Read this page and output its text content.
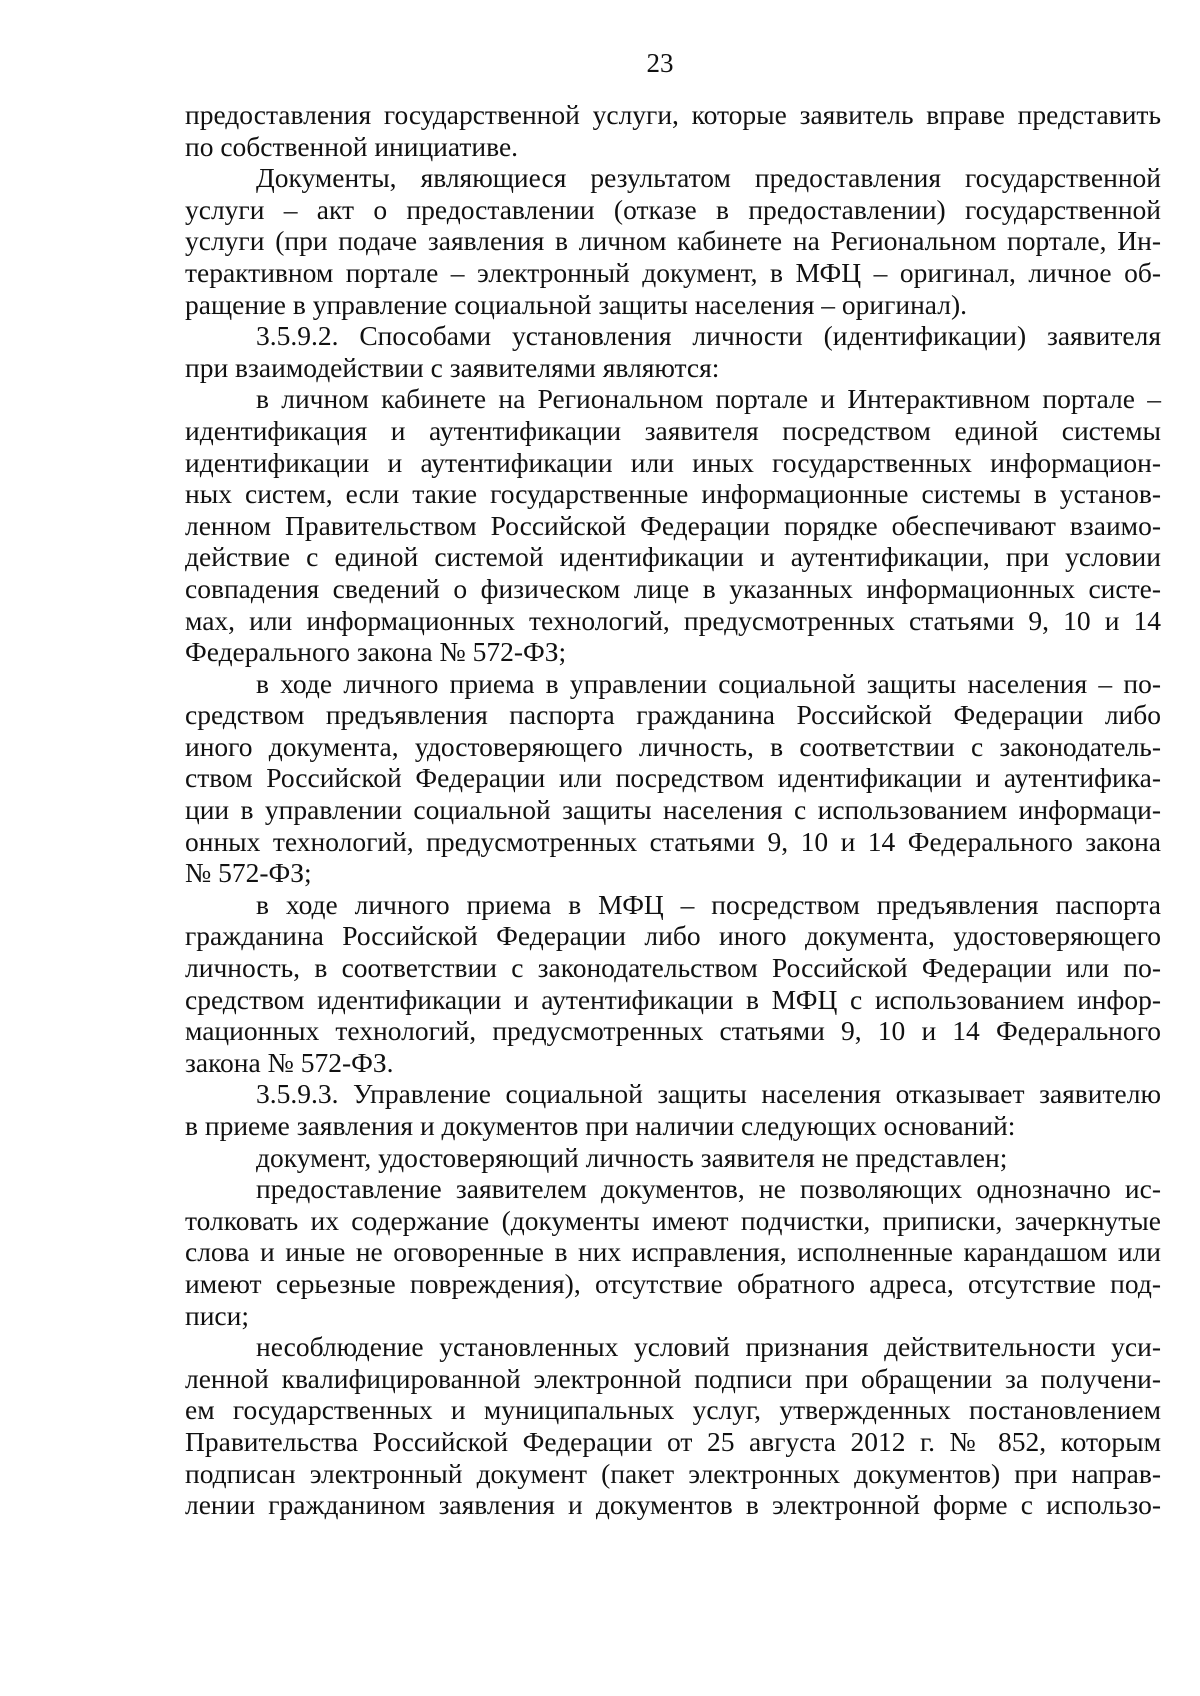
23
предоставления государственной услуги, которые заявитель вправе представить
по собственной инициативе.
Документы, являющиеся результатом предоставления государственной
услуги – акт о предоставлении (отказе в предоставлении) государственной
услуги (при подаче заявления в личном кабинете на Региональном портале, Ин-
терактивном портале – электронный документ, в МФЦ – оригинал, личное об-
ращение в управление социальной защиты населения – оригинал).
3.5.9.2. Способами установления личности (идентификации) заявителя
при взаимодействии с заявителями являются:
в личном кабинете на Региональном портале и Интерактивном портале –
идентификация и аутентификации заявителя посредством единой системы
идентификации и аутентификации или иных государственных информацион-
ных систем, если такие государственные информационные системы в установ-
ленном Правительством Российской Федерации порядке обеспечивают взаимо-
действие с единой системой идентификации и аутентификации, при условии
совпадения сведений о физическом лице в указанных информационных систе-
мах, или информационных технологий, предусмотренных статьями 9, 10 и 14
Федерального закона № 572-ФЗ;
в ходе личного приема в управлении социальной защиты населения – по-
средством предъявления паспорта гражданина Российской Федерации либо
иного документа, удостоверяющего личность, в соответствии с законодатель-
ством Российской Федерации или посредством идентификации и аутентифика-
ции в управлении социальной защиты населения с использованием информаци-
онных технологий, предусмотренных статьями 9, 10 и 14 Федерального закона
№ 572-ФЗ;
в ходе личного приема в МФЦ – посредством предъявления паспорта
гражданина Российской Федерации либо иного документа, удостоверяющего
личность, в соответствии с законодательством Российской Федерации или по-
средством идентификации и аутентификации в МФЦ с использованием инфор-
мационных технологий, предусмотренных статьями 9, 10 и 14 Федерального
закона № 572-ФЗ.
3.5.9.3. Управление социальной защиты населения отказывает заявителю
в приеме заявления и документов при наличии следующих оснований:
документ, удостоверяющий личность заявителя не представлен;
предоставление заявителем документов, не позволяющих однозначно ис-
толковать их содержание (документы имеют подчистки, приписки, зачеркнутые
слова и иные не оговоренные в них исправления, исполненные карандашом или
имеют серьезные повреждения), отсутствие обратного адреса, отсутствие под-
писи;
несоблюдение установленных условий признания действительности уси-
ленной квалифицированной электронной подписи при обращении за получени-
ем государственных и муниципальных услуг, утвержденных постановлением
Правительства Российской Федерации от 25 августа 2012 г. № 852, которым
подписан электронный документ (пакет электронных документов) при направ-
лении гражданином заявления и документов в электронной форме с использо-
